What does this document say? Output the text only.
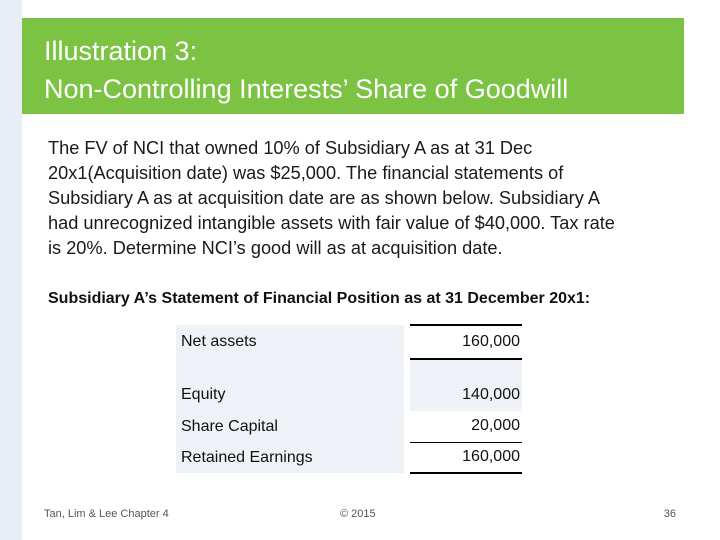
Illustration 3:
Non-Controlling Interests’ Share of Goodwill
The FV of NCI that owned 10% of Subsidiary A as at 31 Dec
20x1(Acquisition date) was $25,000. The financial statements of
Subsidiary A as at acquisition date are as shown below. Subsidiary A
had unrecognized intangible assets with fair value of $40,000. Tax rate
is 20%. Determine NCI’s good will as at acquisition date.
Subsidiary A’s Statement of Financial Position as at 31 December 20x1:
Net assets		160,000

Equity		140,000
Share Capital		20,000
Retained Earnings		160,000
Tan, Lim & Lee Chapter 4	© 2015	36
